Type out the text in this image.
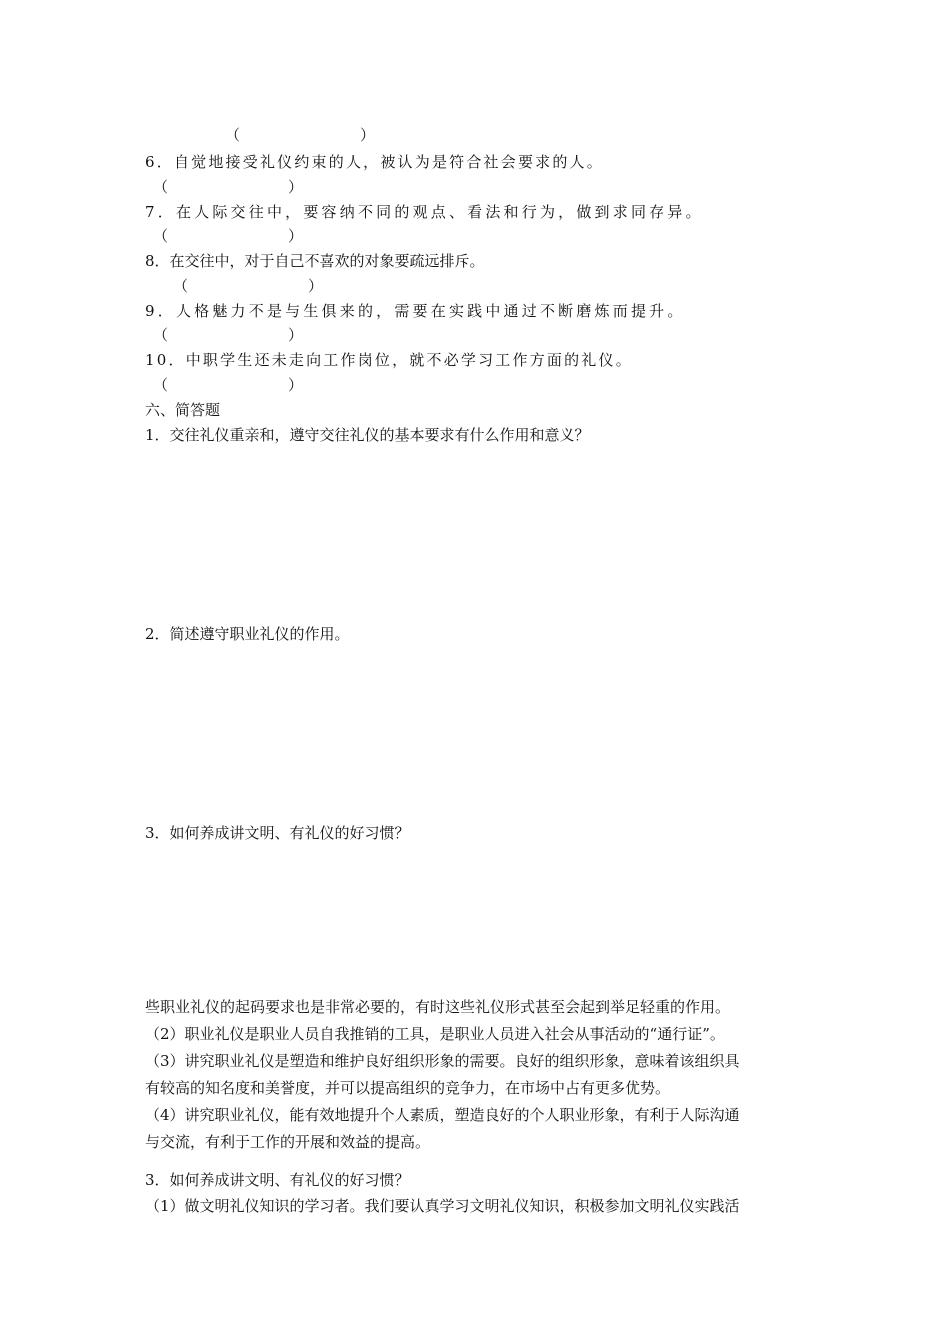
（　　　　　　　　）
6．自觉地接受礼仪约束的人，被认为是符合社会要求的人。
（　　　　　　　　）
7．在人际交往中，要容纳不同的观点、看法和行为，做到求同存异。
（　　　　　　　　）
8．在交往中，对于自己不喜欢的对象要疏远排斥。
（　　　　　　　　）
9．人格魅力不是与生俱来的，需要在实践中通过不断磨炼而提升。
（　　　　　　　　）
10．中职学生还未走向工作岗位，就不必学习工作方面的礼仪。
（　　　　　　　　）
六、简答题
1．交往礼仪重亲和，遵守交往礼仪的基本要求有什么作用和意义？
2．简述遵守职业礼仪的作用。
3．如何养成讲文明、有礼仪的好习惯？
些职业礼仪的起码要求也是非常必要的，有时这些礼仪形式甚至会起到举足轻重的作用。
（2）职业礼仪是职业人员自我推销的工具，是职业人员进入社会从事活动的“通行证”。
（3）讲究职业礼仪是塑造和维护良好组织形象的需要。良好的组织形象，意味着该组织具
有较高的知名度和美誉度，并可以提高组织的竞争力，在市场中占有更多优势。
（4）讲究职业礼仪，能有效地提升个人素质，塑造良好的个人职业形象，有利于人际沟通
与交流，有利于工作的开展和效益的提高。
3．如何养成讲文明、有礼仪的好习惯？
（1）做文明礼仪知识的学习者。我们要认真学习文明礼仪知识，积极参加文明礼仪实践活
